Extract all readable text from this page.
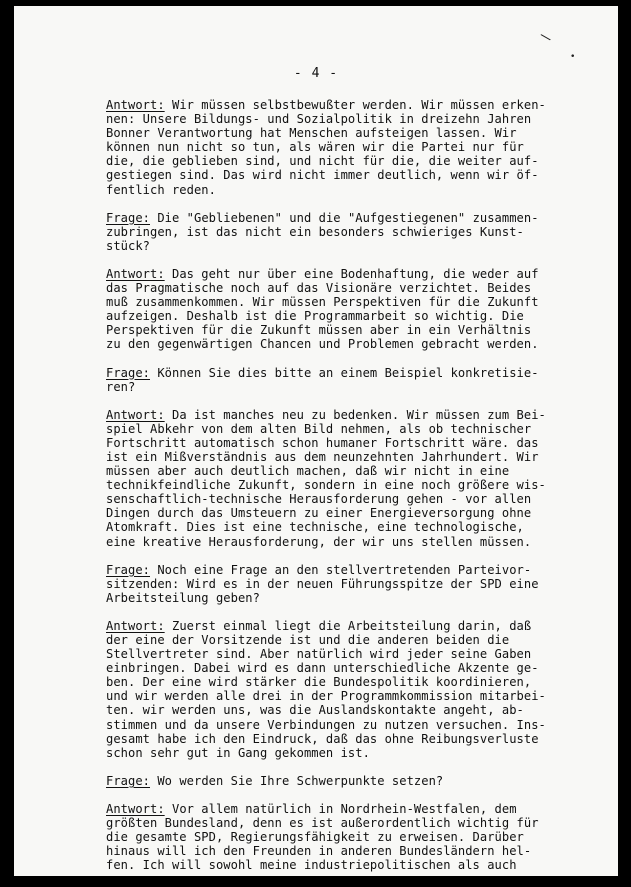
\
•
- 4 -
Antwort: Wir müssen selbstbewußter werden. Wir müssen erken-
nen: Unsere Bildungs- und Sozialpolitik in dreizehn Jahren
Bonner Verantwortung hat Menschen aufsteigen lassen. Wir
können nun nicht so tun, als wären wir die Partei nur für
die, die geblieben sind, und nicht für die, die weiter auf-
gestiegen sind. Das wird nicht immer deutlich, wenn wir öf-
fentlich reden.
Frage: Die "Gebliebenen" und die "Aufgestiegenen" zusammen-
zubringen, ist das nicht ein besonders schwieriges Kunst-
stück?
Antwort: Das geht nur über eine Bodenhaftung, die weder auf
das Pragmatische noch auf das Visionäre verzichtet. Beides
muß zusammenkommen. Wir müssen Perspektiven für die Zukunft
aufzeigen. Deshalb ist die Programmarbeit so wichtig. Die
Perspektiven für die Zukunft müssen aber in ein Verhältnis
zu den gegenwärtigen Chancen und Problemen gebracht werden.
Frage: Können Sie dies bitte an einem Beispiel konkretisie-
ren?
Antwort: Da ist manches neu zu bedenken. Wir müssen zum Bei-
spiel Abkehr von dem alten Bild nehmen, als ob technischer
Fortschritt automatisch schon humaner Fortschritt wäre. das
ist ein Mißverständnis aus dem neunzehnten Jahrhundert. Wir
müssen aber auch deutlich machen, daß wir nicht in eine
technikfeindliche Zukunft, sondern in eine noch größere wis-
senschaftlich-technische Herausforderung gehen - vor allen
Dingen durch das Umsteuern zu einer Energieversorgung ohne
Atomkraft. Dies ist eine technische, eine technologische,
eine kreative Herausforderung, der wir uns stellen müssen.
Frage: Noch eine Frage an den stellvertretenden Parteivor-
sitzenden: Wird es in der neuen Führungsspitze der SPD eine
Arbeitsteilung geben?
Antwort: Zuerst einmal liegt die Arbeitsteilung darin, daß
der eine der Vorsitzende ist und die anderen beiden die
Stellvertreter sind. Aber natürlich wird jeder seine Gaben
einbringen. Dabei wird es dann unterschiedliche Akzente ge-
ben. Der eine wird stärker die Bundespolitik koordinieren,
und wir werden alle drei in der Programmkommission mitarbei-
ten. wir werden uns, was die Auslandskontakte angeht, ab-
stimmen und da unsere Verbindungen zu nutzen versuchen. Ins-
gesamt habe ich den Eindruck, daß das ohne Reibungsverluste
schon sehr gut in Gang gekommen ist.
Frage: Wo werden Sie Ihre Schwerpunkte setzen?
Antwort: Vor allem natürlich in Nordrhein-Westfalen, dem
größten Bundesland, denn es ist außerordentlich wichtig für
die gesamte SPD, Regierungsfähigkeit zu erweisen. Darüber
hinaus will ich den Freunden in anderen Bundesländern hel-
fen. Ich will sowohl meine industriepolitischen als auch
